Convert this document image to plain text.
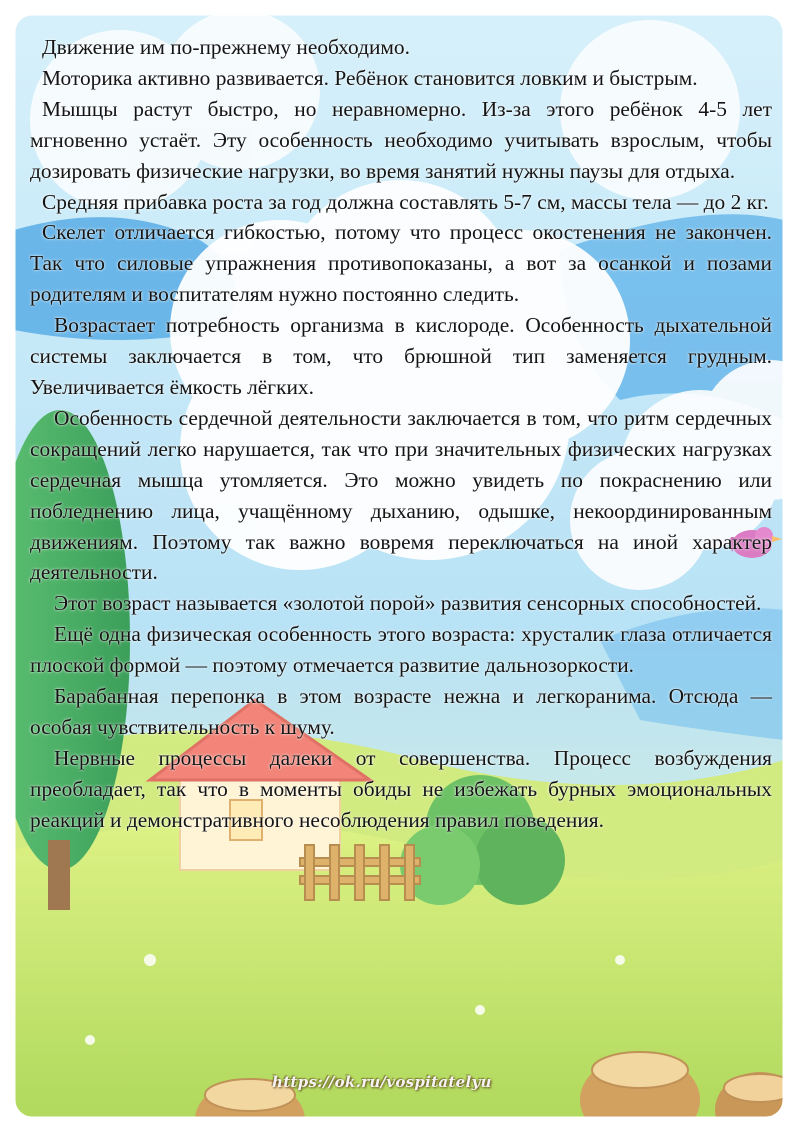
Движение им по-прежнему необходимо.

Моторика активно развивается. Ребёнок становится ловким и быстрым.

Мышцы растут быстро, но неравномерно. Из-за этого ребёнок 4-5 лет мгновенно устаёт. Эту особенность необходимо учитывать взрослым, чтобы дозировать физические нагрузки, во время занятий нужны паузы для отдыха.

Средняя прибавка роста за год должна составлять 5-7 см, массы тела — до 2 кг.

Скелет отличается гибкостью, потому что процесс окостенения не закончен. Так что силовые упражнения противопоказаны, а вот за осанкой и позами родителям и воспитателям нужно постоянно следить.

Возрастает потребность организма в кислороде. Особенность дыхательной системы заключается в том, что брюшной тип заменяется грудным. Увеличивается ёмкость лёгких.

Особенность сердечной деятельности заключается в том, что ритм сердечных сокращений легко нарушается, так что при значительных физических нагрузках сердечная мышца утомляется. Это можно увидеть по покраснению или побледнению лица, учащённому дыханию, одышке, некоординированным движениям. Поэтому так важно вовремя переключаться на иной характер деятельности.

Этот возраст называется «золотой порой» развития сенсорных способностей.

Ещё одна физическая особенность этого возраста: хрусталик глаза отличается плоской формой — поэтому отмечается развитие дальнозоркости.

Барабанная перепонка в этом возрасте нежна и легкоранима. Отсюда — особая чувствительность к шуму.

Нервные процессы далеки от совершенства. Процесс возбуждения преобладает, так что в моменты обиды не избежать бурных эмоциональных реакций и демонстративного несоблюдения правил поведения.

https://ok.ru/vospitatelyu
